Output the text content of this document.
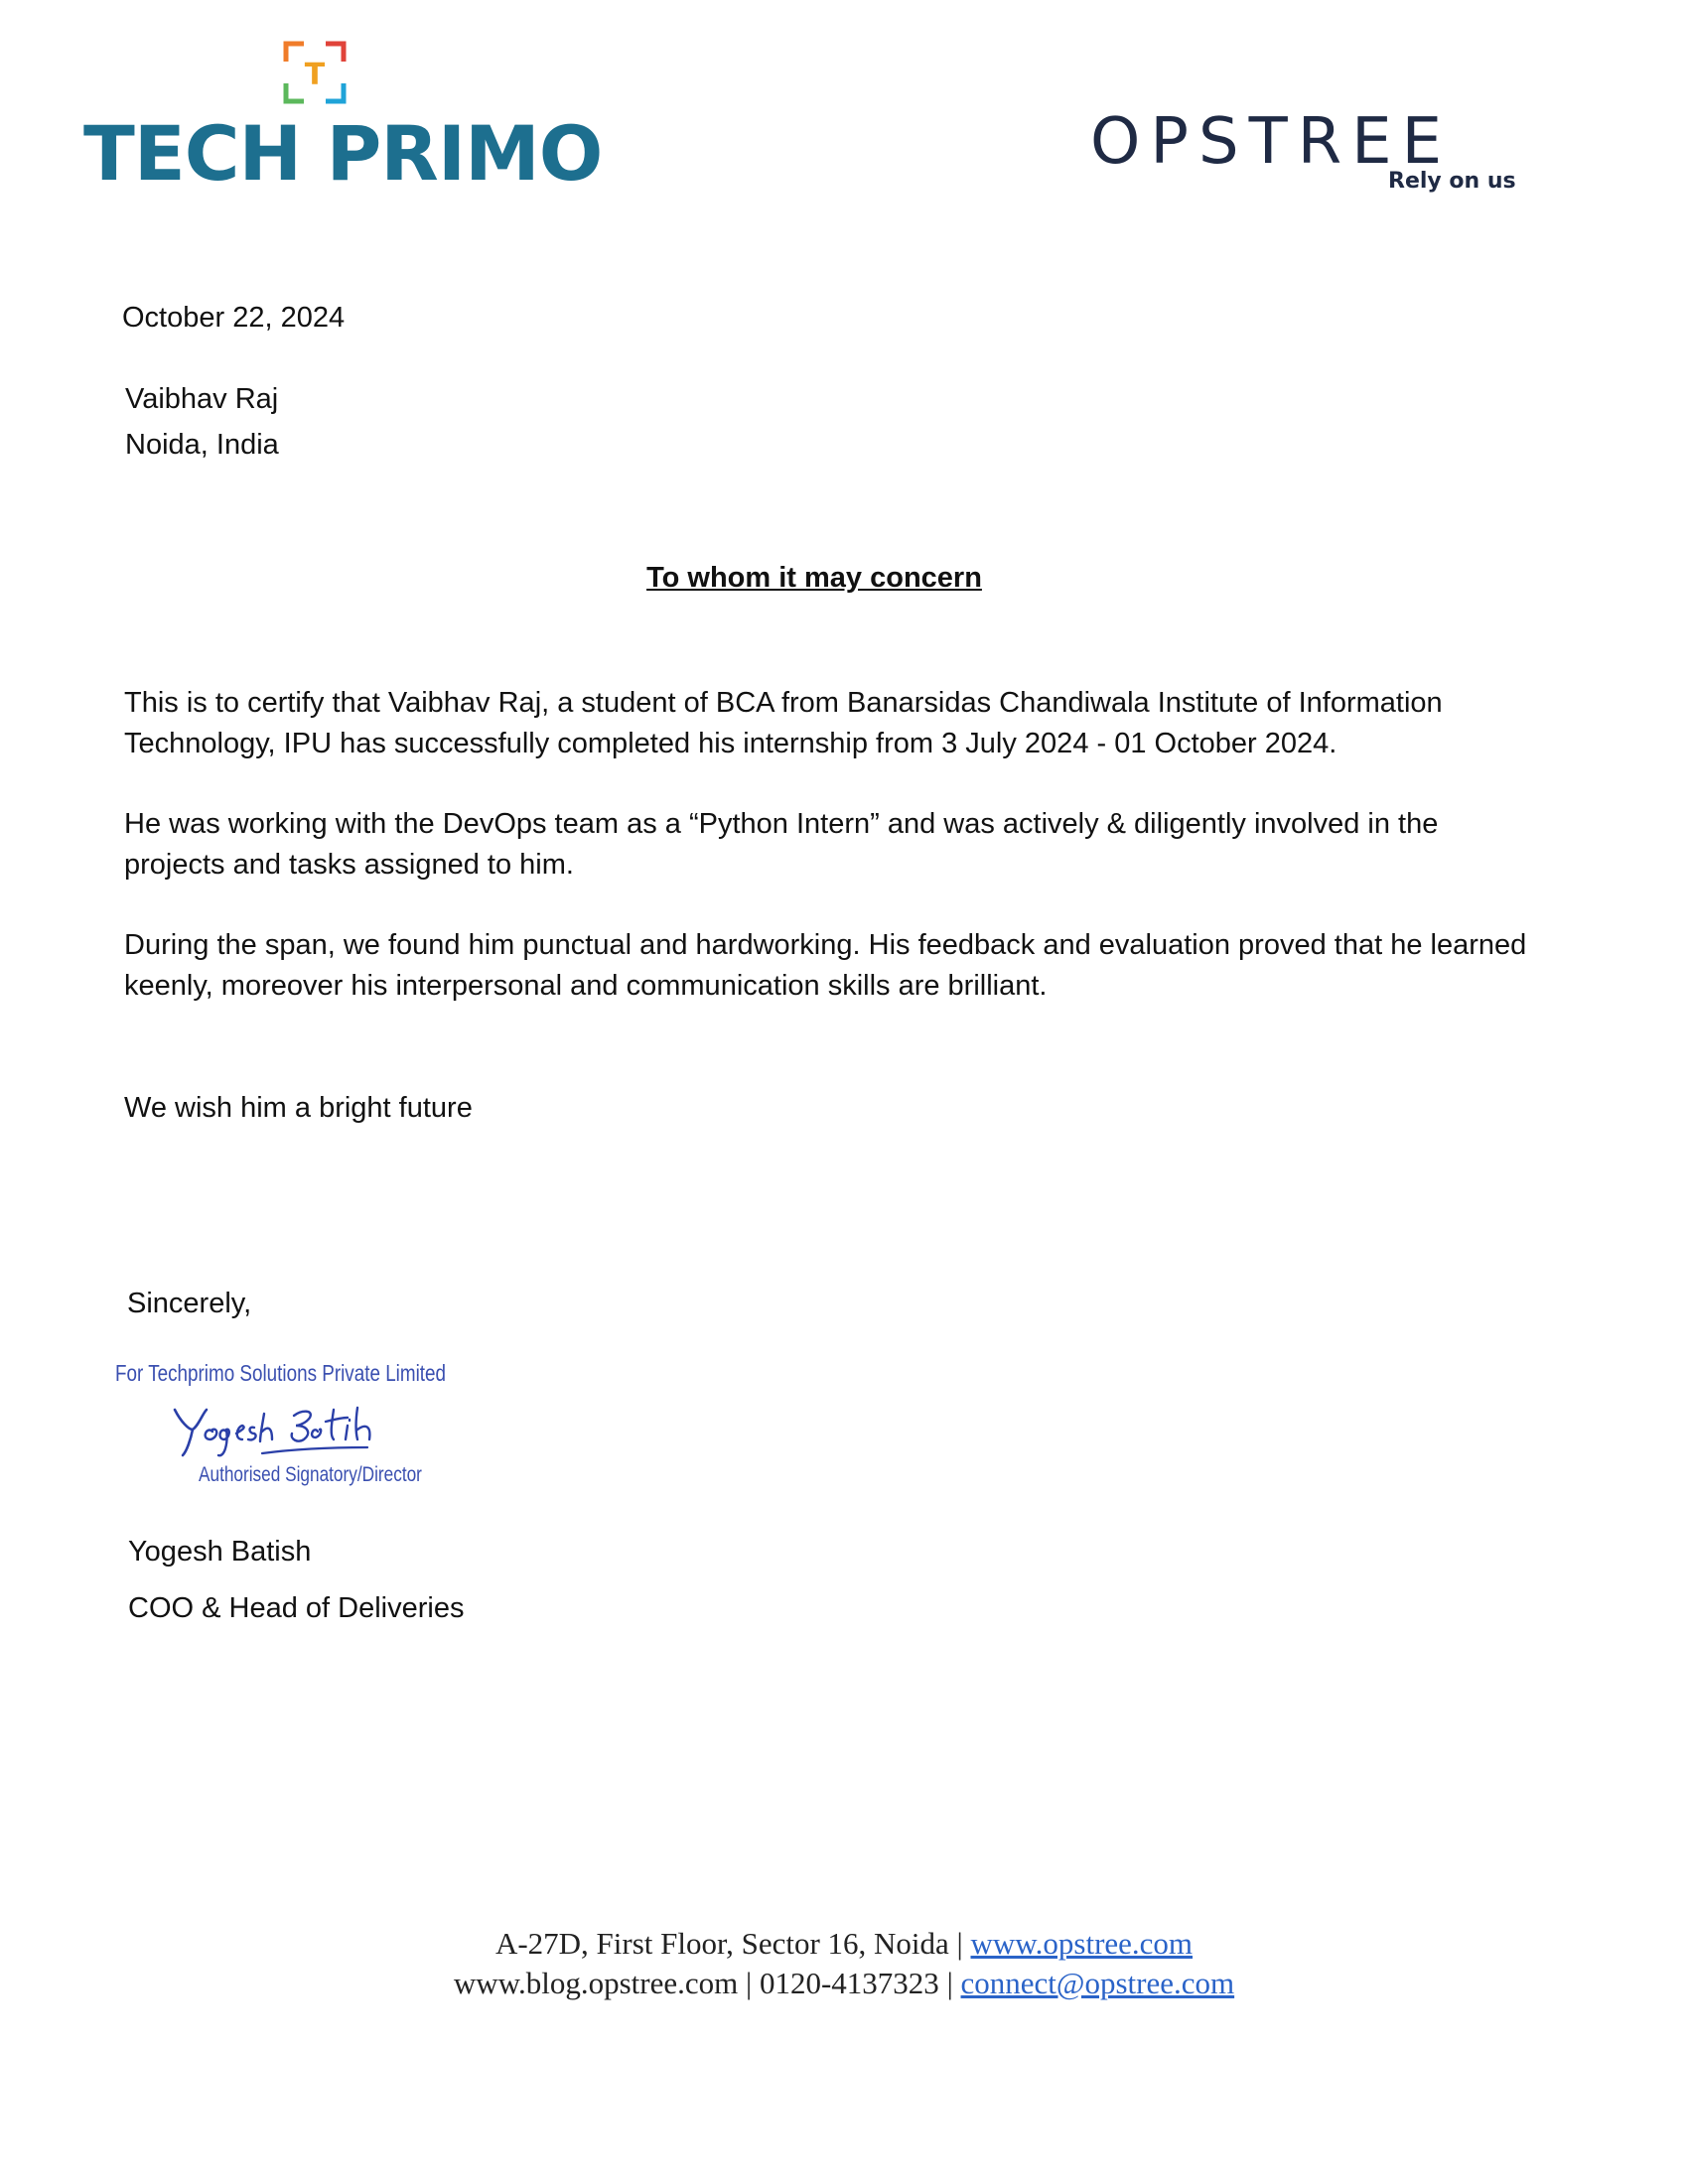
T
TECH PRIMO	OPSTREE
Rely on us
October 22, 2024
Vaibhav Raj
Noida, India
To whom it may concern
This is to certify that Vaibhav Raj, a student of BCA from Banarsidas Chandiwala Institute of Information Technology, IPU has successfully completed his internship from 3 July 2024 - 01 October 2024.
He was working with the DevOps team as a “Python Intern” and was actively & diligently involved in the projects and tasks assigned to him.
During the span, we found him punctual and hardworking. His feedback and evaluation proved that he learned keenly, moreover his interpersonal and communication skills are brilliant.
We wish him a bright future
Sincerely,
For Techprimo Solutions Private Limited
Authorised Signatory/Director
Yogesh Batish
COO & Head of Deliveries
A-27D, First Floor, Sector 16, Noida | www.opstree.com
www.blog.opstree.com | 0120-4137323 | connect@opstree.com
